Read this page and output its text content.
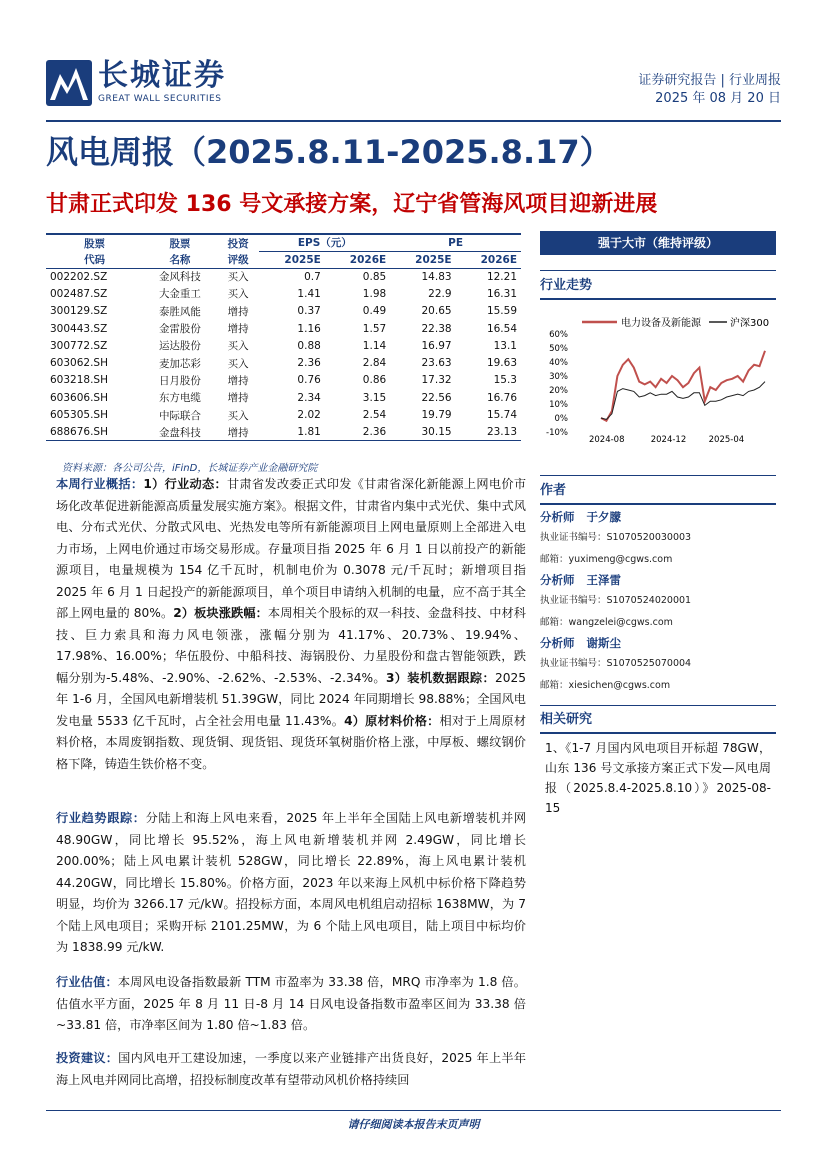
长城证券
GREAT WALL SECURITIES
证券研究报告 | 行业周报
2025 年 08 月 20 日
风电周报（2025.8.11-2025.8.17）
甘肃正式印发 136 号文承接方案，辽宁省管海风项目迎新进展
股票	股票	投资	EPS（元）		PE	
代码	名称	评级	2025E	2026E	2025E	2026E
002202.SZ	金风科技	买入	0.7	0.85	14.83	12.21
002487.SZ	大金重工	买入	1.41	1.98	22.9	16.31
300129.SZ	泰胜风能	增持	0.37	0.49	20.65	15.59
300443.SZ	金雷股份	增持	1.16	1.57	22.38	16.54
300772.SZ	运达股份	买入	0.88	1.14	16.97	13.1
603062.SH	麦加芯彩	买入	2.36	2.84	23.63	19.63
603218.SH	日月股份	增持	0.76	0.86	17.32	15.3
603606.SH	东方电缆	增持	2.34	3.15	22.56	16.76
605305.SH	中际联合	买入	2.02	2.54	19.79	15.74
688676.SH	金盘科技	增持	1.81	2.36	30.15	23.13
资料来源：各公司公告，iFinD，长城证券产业金融研究院
本周行业概括：1）行业动态：甘肃省发改委正式印发《甘肃省深化新能源上网电价市场化改革促进新能源高质量发展实施方案》。根据文件，甘肃省内集中式光伏、集中式风电、分布式光伏、分散式风电、光热发电等所有新能源项目上网电量原则上全部进入电力市场，上网电价通过市场交易形成。存量项目指 2025 年 6 月 1 日以前投产的新能源项目，电量规模为 154 亿千瓦时，机制电价为 0.3078 元/千瓦时；新增项目指 2025 年 6 月 1 日起投产的新能源项目，单个项目申请纳入机制的电量，应不高于其全部上网电量的 80%。2）板块涨跌幅：本周相关个股标的双一科技、金盘科技、中材科技、巨力索具和海力风电领涨，涨幅分别为 41.17%、20.73%、19.94%、17.98%、16.00%；华伍股份、中船科技、海锅股份、力星股份和盘古智能领跌，跌幅分别为-5.48%、-2.90%、-2.62%、-2.53%、-2.34%。3）装机数据跟踪：2025 年 1-6 月，全国风电新增装机 51.39GW，同比 2024 年同期增长 98.88%；全国风电发电量 5533 亿千瓦时，占全社会用电量 11.43%。4）原材料价格：相对于上周原材料价格，本周废钢指数、现货铜、现货铝、现货环氧树脂价格上涨，中厚板、螺纹钢价格下降，铸造生铁价格不变。
行业趋势跟踪：分陆上和海上风电来看，2025 年上半年全国陆上风电新增装机并网 48.90GW，同比增长 95.52%，海上风电新增装机并网 2.49GW，同比增长 200.00%；陆上风电累计装机 528GW，同比增长 22.89%，海上风电累计装机 44.20GW，同比增长 15.80%。价格方面，2023 年以来海上风机中标价格下降趋势明显，均价为 3266.17 元/kW。招投标方面，本周风电机组启动招标 1638MW，为 7 个陆上风电项目；采购开标 2101.25MW，为 6 个陆上风电项目，陆上项目中标均价为 1838.99 元/kW.
行业估值：本周风电设备指数最新 TTM 市盈率为 33.38 倍，MRQ 市净率为 1.8 倍。估值水平方面，2025 年 8 月 11 日-8 月 14 日风电设备指数市盈率区间为 33.38 倍~33.81 倍，市净率区间为 1.80 倍~1.83 倍。
投资建议：国内风电开工建设加速，一季度以来产业链排产出货良好，2025 年上半年海上风电并网同比高增，招投标制度改革有望带动风机价格持续回
强于大市（维持评级）
行业走势
电力设备及新能源	沪深300
60%
50%
40%
30%
20%
10%
0%
-10%
2024-08	2024-12	2025-04
作者
分析师 于夕朦
执业证书编号：S1070520030003
邮箱：yuximeng@cgws.com
分析师 王泽雷
执业证书编号：S1070524020001
邮箱：wangzelei@cgws.com
分析师 谢斯尘
执业证书编号：S1070525070004
邮箱：xiesichen@cgws.com
相关研究
1、《1-7 月国内风电项目开标超 78GW，山东 136 号文承接方案正式下发—风电周报（2025.8.4-2025.8.10）》2025-08-15
请仔细阅读本报告末页声明
